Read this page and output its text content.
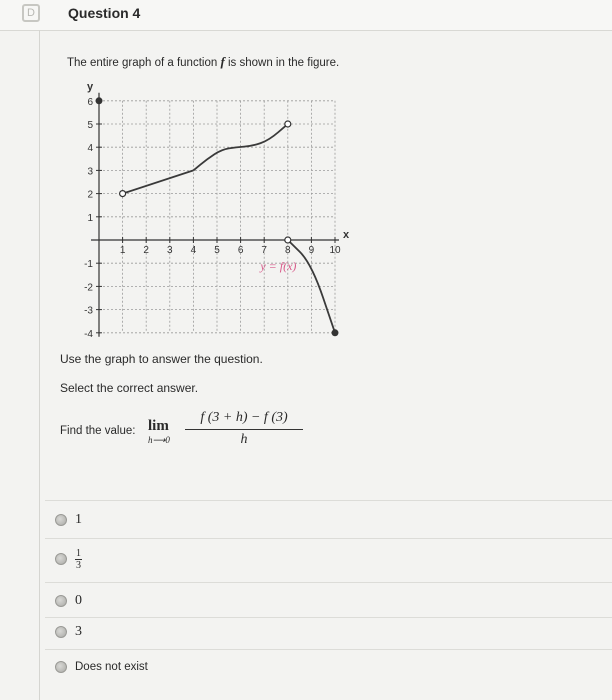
D	Question 4
The entire graph of a function f is shown in the figure.
1 2 3 4 5 6 7 8 9 10
6
5
4
3
2
1
-1
-2
-3
-4
y
x
y = f(x)
Use the graph to answer the question.
Select the correct answer.
Find the value: lim
h⟶0 $\frac{f (3 + h) - f (3)}{h}$
1
$\frac{1}{3}$
0
3
Does not exist
